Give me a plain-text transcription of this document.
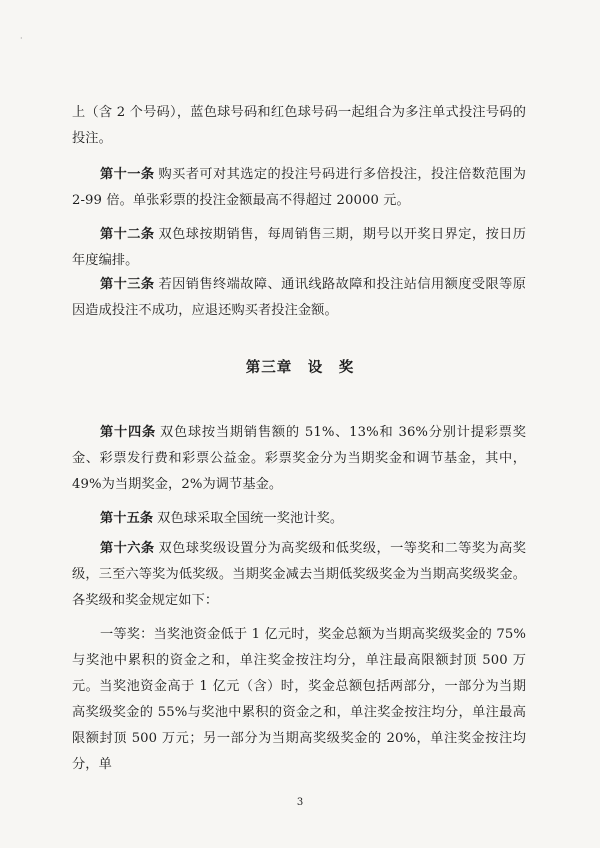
·
上（含 2 个号码），蓝色球号码和红色球号码一起组合为多注单式投注号码的投注。
第十一条 购买者可对其选定的投注号码进行多倍投注，投注倍数范围为 2-99 倍。单张彩票的投注金额最高不得超过 20000 元。
第十二条 双色球按期销售，每周销售三期，期号以开奖日界定，按日历年度编排。
第十三条 若因销售终端故障、通讯线路故障和投注站信用额度受限等原因造成投注不成功，应退还购买者投注金额。
第三章　设　奖
第十四条 双色球按当期销售额的 51%、13%和 36%分别计提彩票奖金、彩票发行费和彩票公益金。彩票奖金分为当期奖金和调节基金，其中，49%为当期奖金，2%为调节基金。
第十五条 双色球采取全国统一奖池计奖。
第十六条 双色球奖级设置分为高奖级和低奖级，一等奖和二等奖为高奖级，三至六等奖为低奖级。当期奖金减去当期低奖级奖金为当期高奖级奖金。各奖级和奖金规定如下：
一等奖：当奖池资金低于 1 亿元时，奖金总额为当期高奖级奖金的 75%与奖池中累积的资金之和，单注奖金按注均分，单注最高限额封顶 500 万元。当奖池资金高于 1 亿元（含）时，奖金总额包括两部分，一部分为当期高奖级奖金的 55%与奖池中累积的资金之和，单注奖金按注均分，单注最高限额封顶 500 万元；另一部分为当期高奖级奖金的 20%，单注奖金按注均分，单
3
